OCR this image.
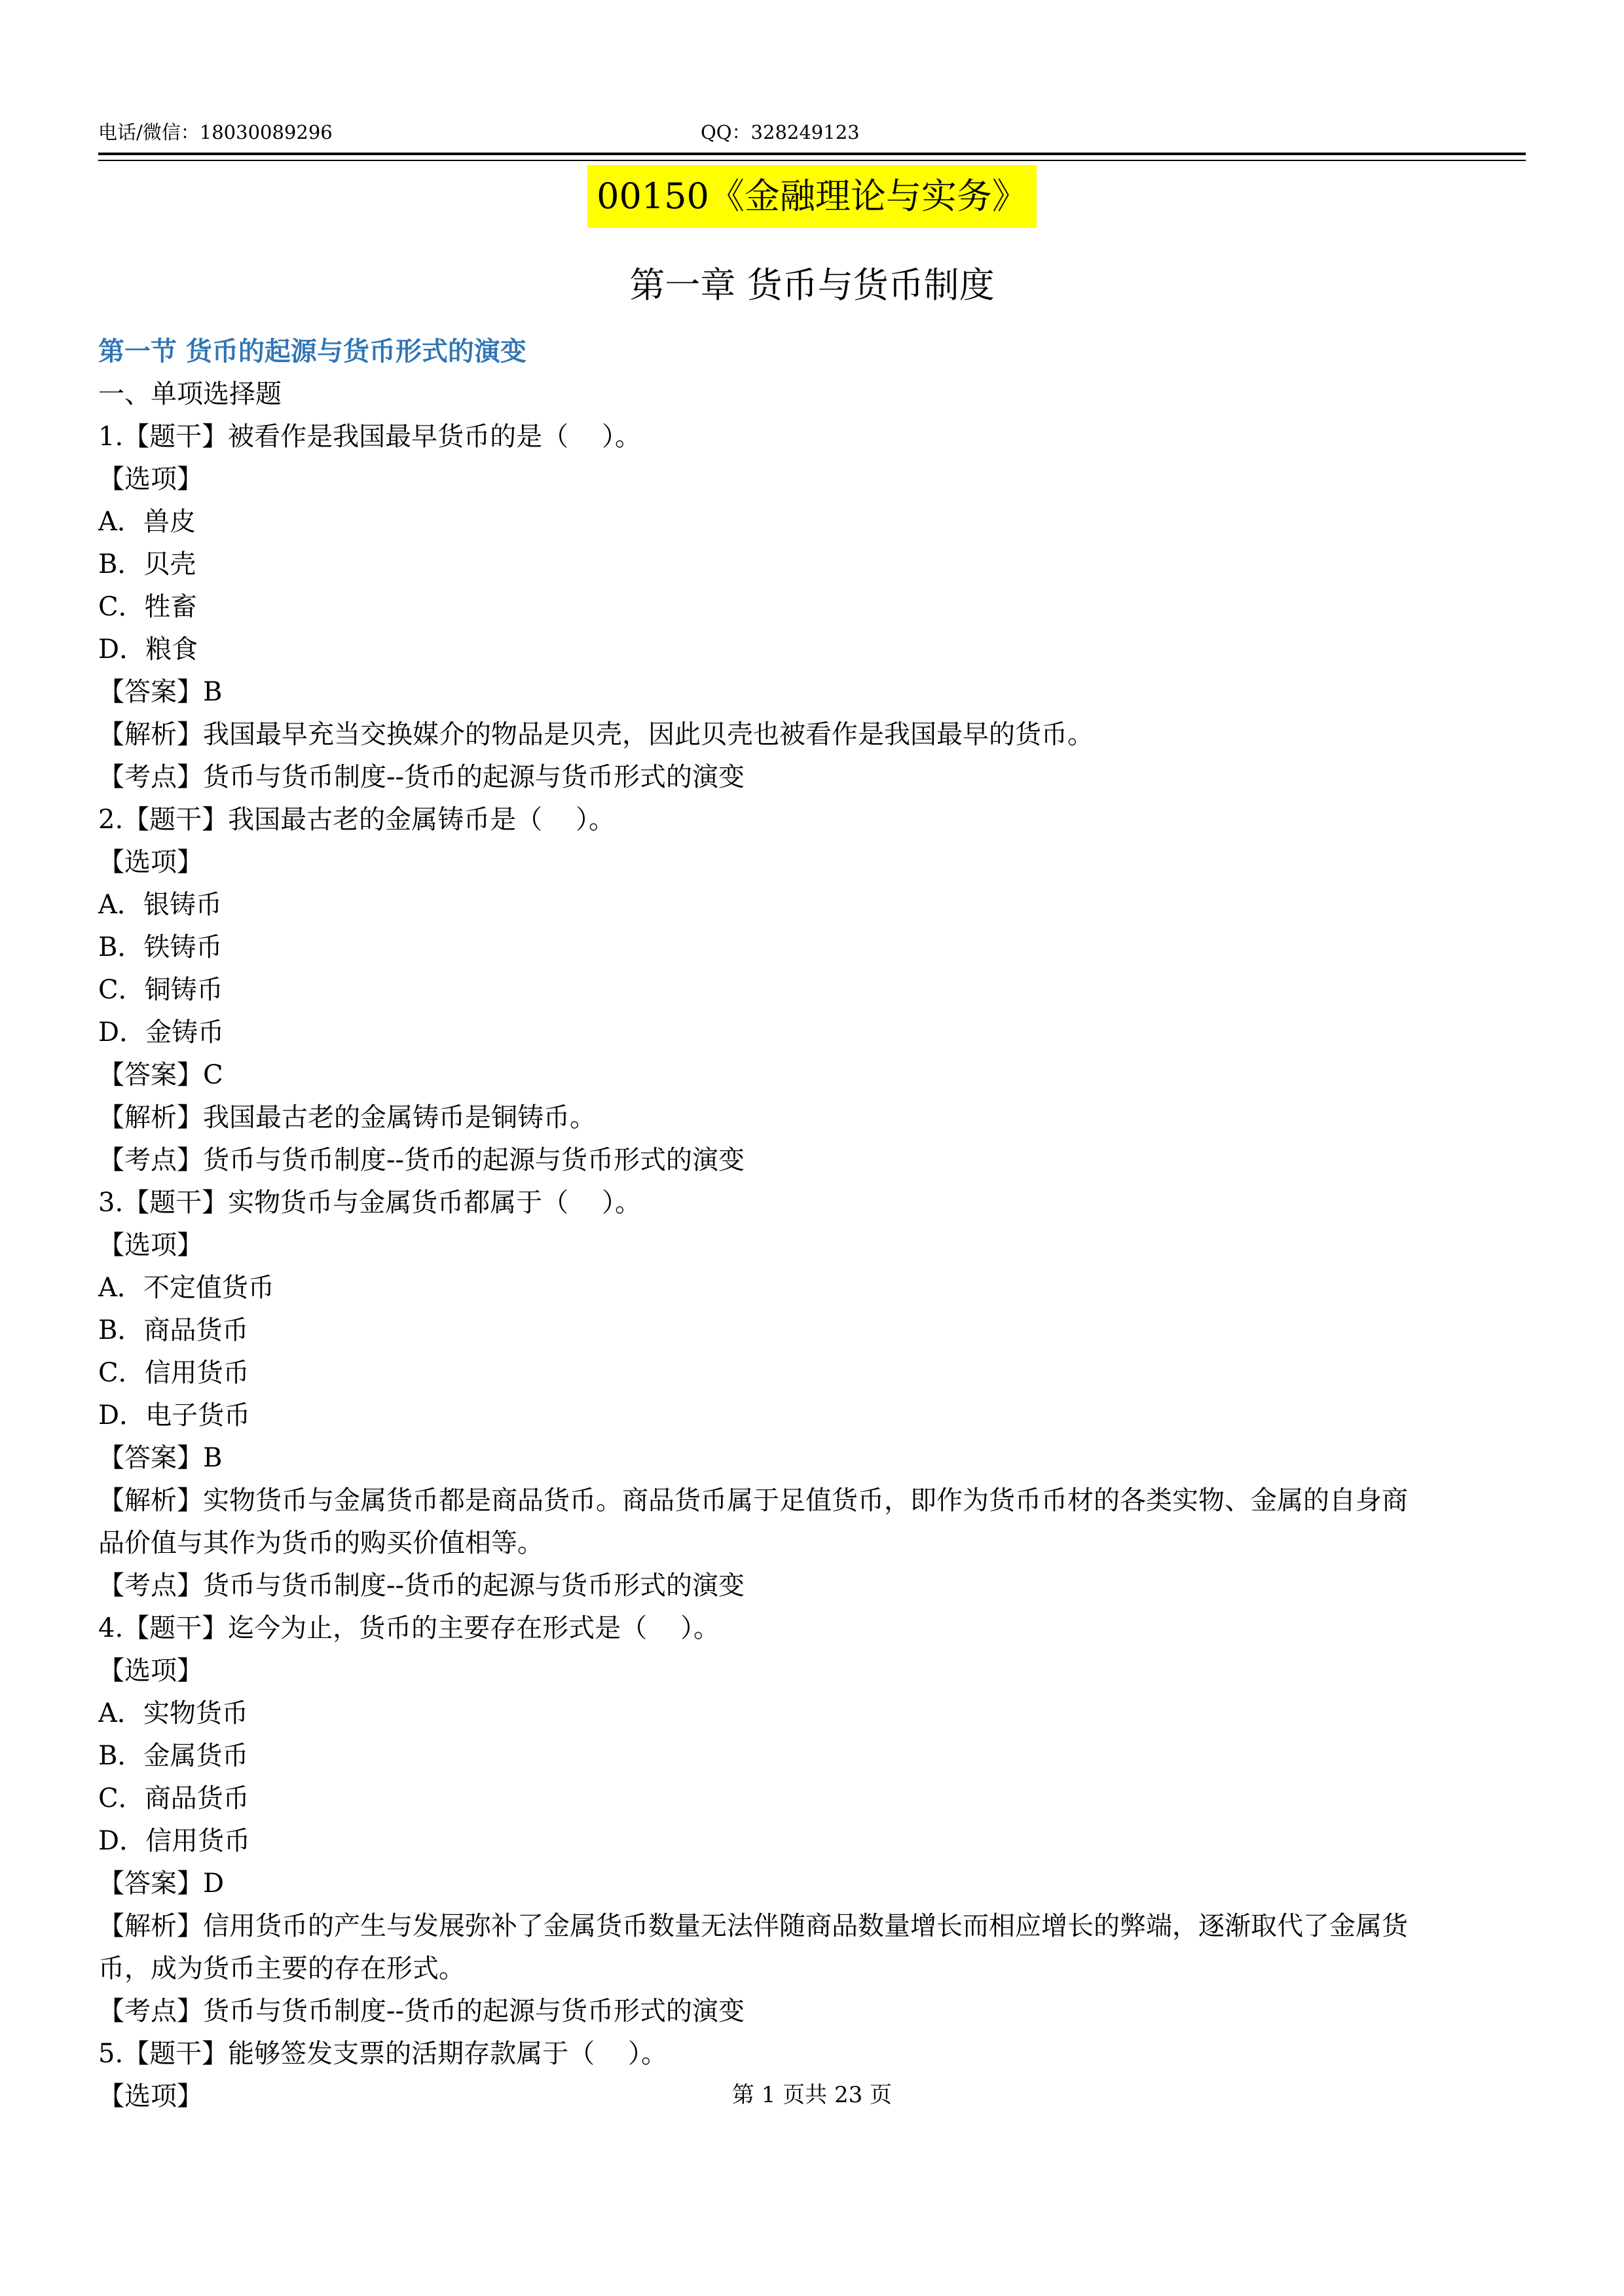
电话/微信：18030089296	QQ：328249123
00150《金融理论与实务》
第一章 货币与货币制度
第一节 货币的起源与货币形式的演变

一、单项选择题

1.【题干】被看作是我国最早货币的是（    ）。

【选项】

A．兽皮

B．贝壳

C．牲畜

D．粮食

【答案】B

【解析】我国最早充当交换媒介的物品是贝壳，因此贝壳也被看作是我国最早的货币。

【考点】货币与货币制度--货币的起源与货币形式的演变

2.【题干】我国最古老的金属铸币是（    ）。

【选项】

A．银铸币

B．铁铸币

C．铜铸币

D．金铸币

【答案】C

【解析】我国最古老的金属铸币是铜铸币。

【考点】货币与货币制度--货币的起源与货币形式的演变

3.【题干】实物货币与金属货币都属于（    ）。

【选项】

A．不定值货币

B．商品货币

C．信用货币

D．电子货币

【答案】B

【解析】实物货币与金属货币都是商品货币。商品货币属于足值货币，即作为货币币材的各类实物、金属的自身商

品价值与其作为货币的购买价值相等。

【考点】货币与货币制度--货币的起源与货币形式的演变

4.【题干】迄今为止，货币的主要存在形式是（    ）。

【选项】

A．实物货币

B．金属货币

C．商品货币

D．信用货币

【答案】D

【解析】信用货币的产生与发展弥补了金属货币数量无法伴随商品数量增长而相应增长的弊端，逐渐取代了金属货

币，成为货币主要的存在形式。

【考点】货币与货币制度--货币的起源与货币形式的演变

5.【题干】能够签发支票的活期存款属于（    ）。

【选项】	第 1 页共 23 页
